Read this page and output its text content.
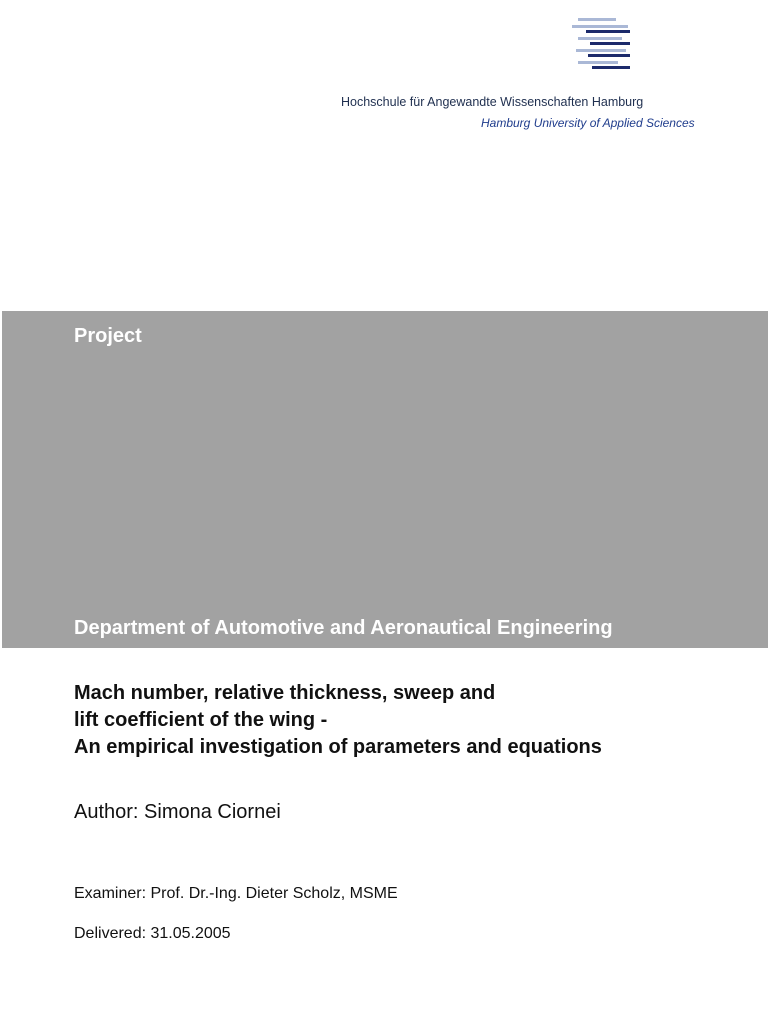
Hochschule für Angewandte Wissenschaften Hamburg
Hamburg University of Applied Sciences
Project
Department of Automotive and Aeronautical Engineering
Mach number, relative thickness, sweep and
lift coefficient of the wing -
An empirical investigation of parameters and equations
Author: Simona Ciornei
Examiner: Prof. Dr.-Ing. Dieter Scholz, MSME
Delivered: 31.05.2005
